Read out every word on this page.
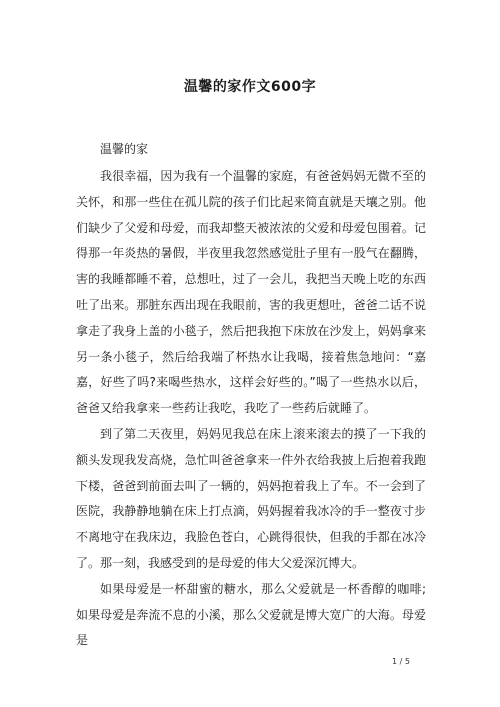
温馨的家作文600字
温馨的家

我很幸福，因为我有一个温馨的家庭，有爸爸妈妈无微不至的关怀，和那一些住在孤儿院的孩子们比起来简直就是天壤之别。他们缺少了父爱和母爱，而我却整天被浓浓的父爱和母爱包围着。记得那一年炎热的暑假，半夜里我忽然感觉肚子里有一股气在翻腾，害的我睡都睡不着，总想吐，过了一会儿，我把当天晚上吃的东西吐了出来。那脏东西出现在我眼前，害的我更想吐，爸爸二话不说拿走了我身上盖的小毯子，然后把我抱下床放在沙发上，妈妈拿来另一条小毯子，然后给我端了杯热水让我喝，接着焦急地问：“嘉嘉，好些了吗?来喝些热水，这样会好些的。”喝了一些热水以后，爸爸又给我拿来一些药让我吃，我吃了一些药后就睡了。

到了第二天夜里，妈妈见我总在床上滚来滚去的摸了一下我的额头发现我发高烧，急忙叫爸爸拿来一件外衣给我披上后抱着我跑下楼，爸爸到前面去叫了一辆的，妈妈抱着我上了车。不一会到了医院，我静静地躺在床上打点滴，妈妈握着我冰冷的手一整夜寸步不离地守在我床边，我脸色苍白，心跳得很快，但我的手都在冰冷了。那一刻，我感受到的是母爱的伟大父爱深沉博大。

如果母爱是一杯甜蜜的糖水，那么父爱就是一杯香醇的咖啡;如果母爱是奔流不息的小溪，那么父爱就是博大宽广的大海。母爱是

1 / 5
